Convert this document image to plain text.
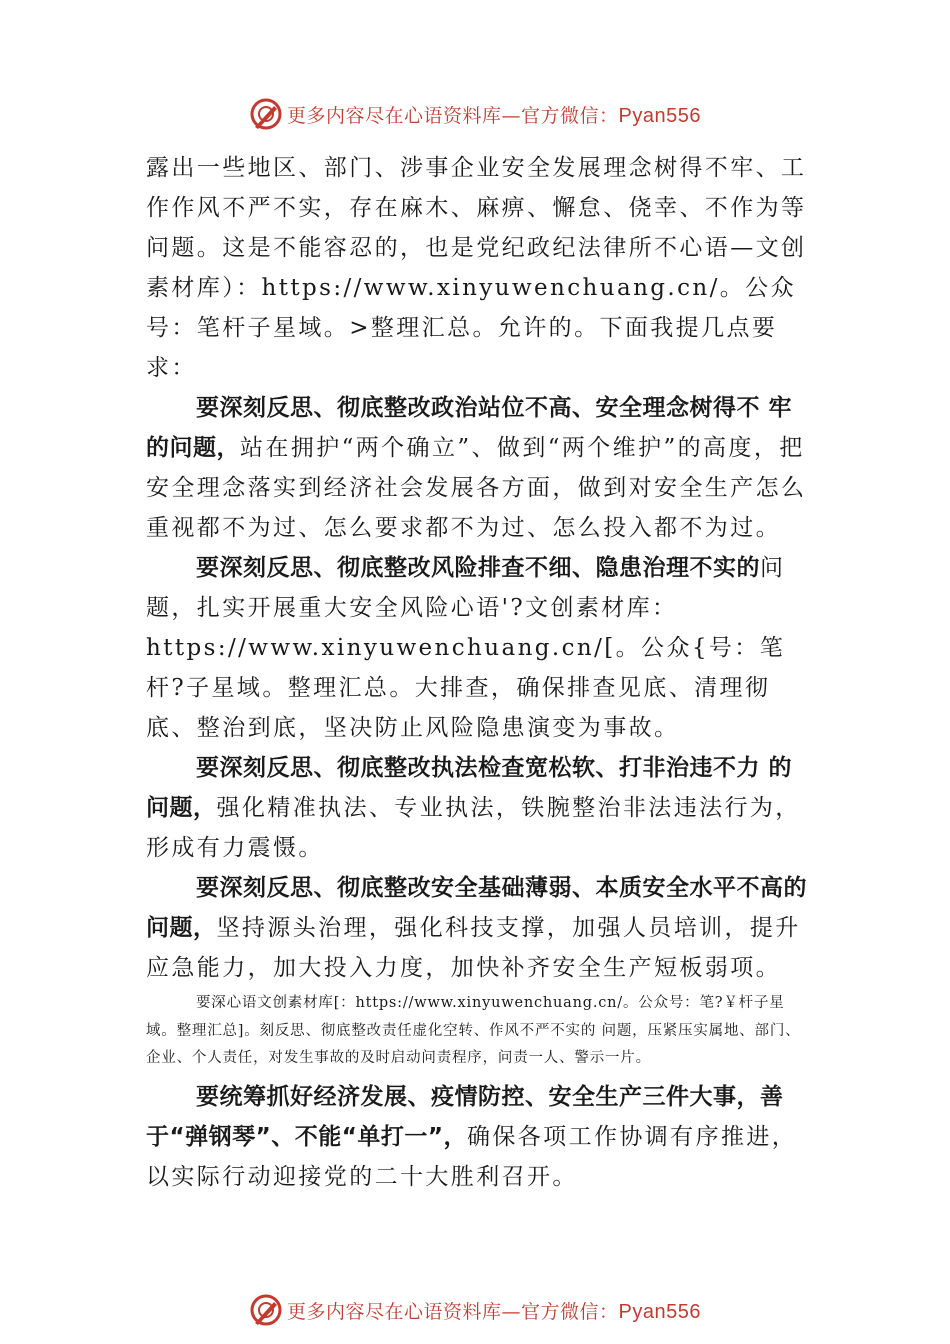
更多内容尽在心语资料库—官方微信：Pyan556

露出一些地区、部门、涉事企业安全发展理念树得不牢、工作作风不严不实，存在麻木、麻痹、懈怠、侥幸、不作为等问题。这是不能容忍的，也是党纪政纪法律所不心语—文创素材库）：https://www.xinyuwenchuang.cn/。公众号：笔杆子星域。>整理汇总。允许的。下面我提几点要求：

要深刻反思、彻底整改政治站位不高、安全理念树得不 牢的问题，站在拥护“两个确立”、做到“两个维护”的高度，把安全理念落实到经济社会发展各方面，做到对安全生产怎么重视都不为过、怎么要求都不为过、怎么投入都不为过。

要深刻反思、彻底整改风险排查不细、隐患治理不实的问题，扎实开展重大安全风险心语'?文创素材库：https://www.xinyuwenchuang.cn/[。公众{号：笔杆?子星域。整理汇总。大排查，确保排查见底、清理彻底、整治到底，坚决防止风险隐患演变为事故。

要深刻反思、彻底整改执法检查宽松软、打非治违不力 的问题，强化精准执法、专业执法，铁腕整治非法违法行为，形成有力震慑。

要深刻反思、彻底整改安全基础薄弱、本质安全水平不高的问题，坚持源头治理，强化科技支撑，加强人员培训，提升应急能力，加大投入力度，加快补齐安全生产短板弱项。

要深心语文创素材库[：https://www.xinyuwenchuang.cn/。公众号：笔?￥杆子星域。整理汇总]。刻反思、彻底整改责任虚化空转、作风不严不实的 问题，压紧压实属地、部门、企业、个人责任，对发生事故的及时启动问责程序，问责一人、警示一片。

要统筹抓好经济发展、疫情防控、安全生产三件大事，善于“弹钢琴”、不能“单打一”，确保各项工作协调有序推进，以实际行动迎接党的二十大胜利召开。

更多内容尽在心语资料库—官方微信：Pyan556
